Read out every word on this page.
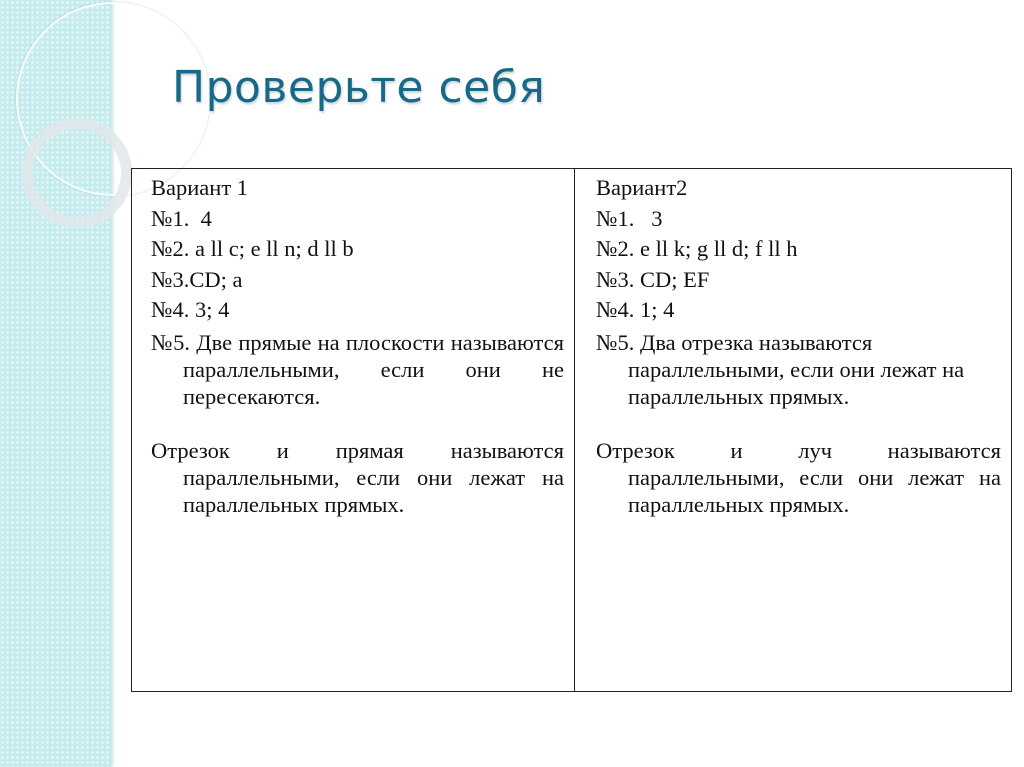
Проверьте себя
Вариант 1
№1.  4
№2. a ll c; e ll n; d ll b
№3.CD; a
№4. 3; 4
№5. Две прямые на плоскости называются параллельными, если они не пересекаются.
Отрезок и прямая называются параллельными, если они лежат на параллельных прямых.
Вариант2
№1.   3
№2. e ll k; g ll d; f ll h
№3. CD; EF
№4. 1; 4
№5. Два отрезка называются параллельными, если они лежат на параллельных прямых.
Отрезок и луч называются параллельными, если они лежат на параллельных прямых.
